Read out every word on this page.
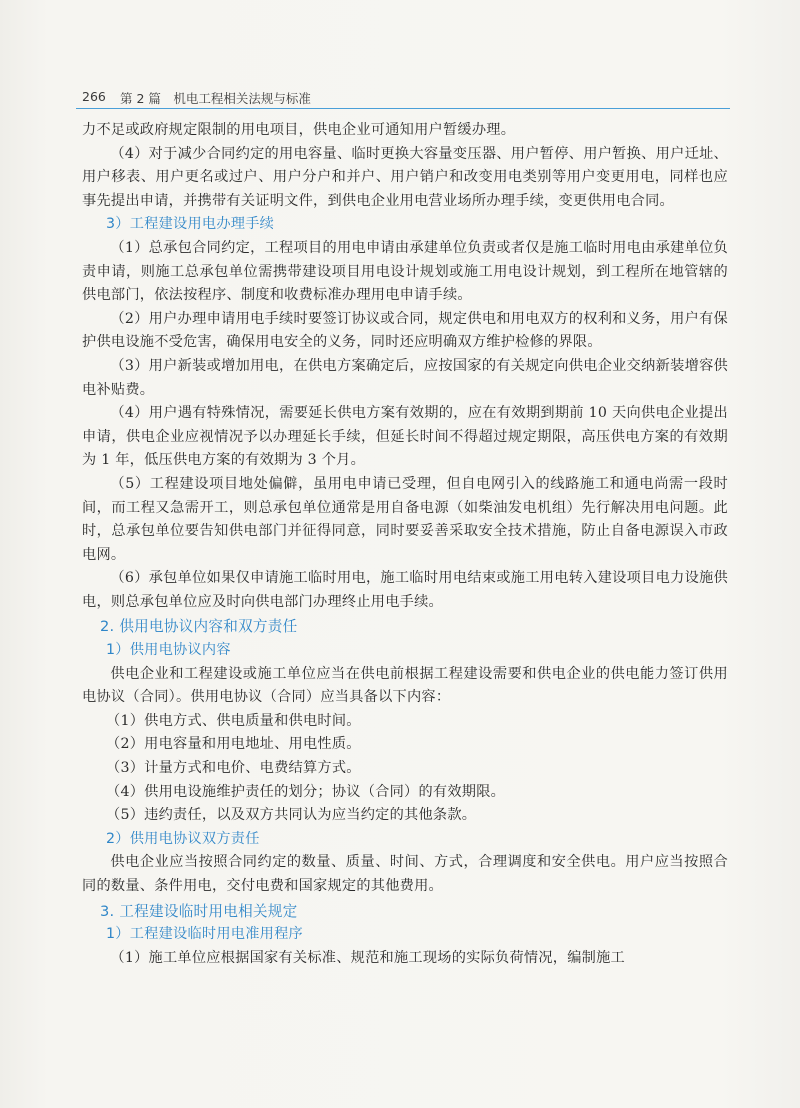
266 第 2 篇　机电工程相关法规与标准

力不足或政府规定限制的用电项目，供电企业可通知用户暂缓办理。

（4）对于减少合同约定的用电容量、临时更换大容量变压器、用户暂停、用户暂换、用户迁址、用户移表、用户更名或过户、用户分户和并户、用户销户和改变用电类别等用户变更用电，同样也应事先提出申请，并携带有关证明文件，到供电企业用电营业场所办理手续，变更供用电合同。

3）工程建设用电办理手续

（1）总承包合同约定，工程项目的用电申请由承建单位负责或者仅是施工临时用电由承建单位负责申请，则施工总承包单位需携带建设项目用电设计规划或施工用电设计规划，到工程所在地管辖的供电部门，依法按程序、制度和收费标准办理用电申请手续。

（2）用户办理申请用电手续时要签订协议或合同，规定供电和用电双方的权利和义务，用户有保护供电设施不受危害，确保用电安全的义务，同时还应明确双方维护检修的界限。

（3）用户新装或增加用电，在供电方案确定后，应按国家的有关规定向供电企业交纳新装增容供电补贴费。

（4）用户遇有特殊情况，需要延长供电方案有效期的，应在有效期到期前 10 天向供电企业提出申请，供电企业应视情况予以办理延长手续，但延长时间不得超过规定期限，高压供电方案的有效期为 1 年，低压供电方案的有效期为 3 个月。

（5）工程建设项目地处偏僻，虽用电申请已受理，但自电网引入的线路施工和通电尚需一段时间，而工程又急需开工，则总承包单位通常是用自备电源（如柴油发电机组）先行解决用电问题。此时，总承包单位要告知供电部门并征得同意，同时要妥善采取安全技术措施，防止自备电源误入市政电网。

（6）承包单位如果仅申请施工临时用电，施工临时用电结束或施工用电转入建设项目电力设施供电，则总承包单位应及时向供电部门办理终止用电手续。

2. 供用电协议内容和双方责任
1）供用电协议内容

供电企业和工程建设或施工单位应当在供电前根据工程建设需要和供电企业的供电能力签订供用电协议（合同）。供用电协议（合同）应当具备以下内容：

（1）供电方式、供电质量和供电时间。

（2）用电容量和用电地址、用电性质。

（3）计量方式和电价、电费结算方式。

（4）供用电设施维护责任的划分；协议（合同）的有效期限。

（5）违约责任，以及双方共同认为应当约定的其他条款。

2）供用电协议双方责任

供电企业应当按照合同约定的数量、质量、时间、方式，合理调度和安全供电。用户应当按照合同的数量、条件用电，交付电费和国家规定的其他费用。

3. 工程建设临时用电相关规定
1）工程建设临时用电准用程序

（1）施工单位应根据国家有关标准、规范和施工现场的实际负荷情况，编制施工
